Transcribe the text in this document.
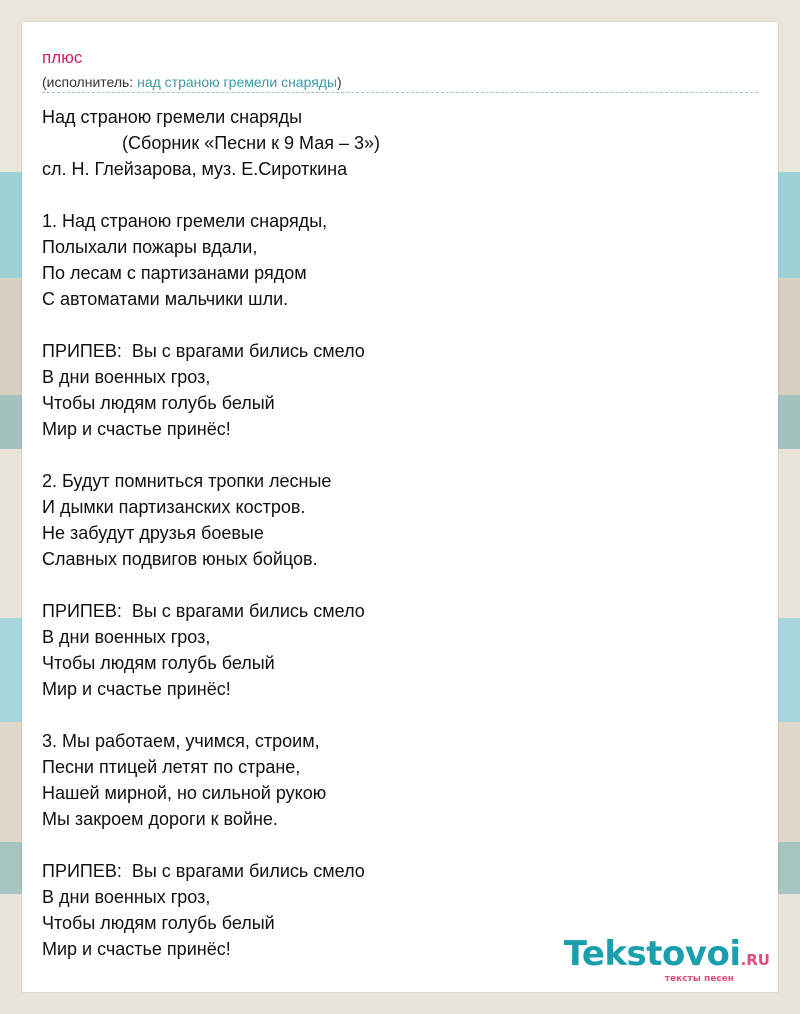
плюс
(исполнитель: над страною гремели снаряды)
Над страною гремели снаряды
(Сборник «Песни к 9 Мая – 3»)
сл. Н. Глейзарова, муз. Е.Сироткина
1. Над страною гремели снаряды,
Полыхали пожары вдали,
По лесам с партизанами рядом
С автоматами мальчики шли.
ПРИПЕВ:  Вы с врагами бились смело
В дни военных гроз,
Чтобы людям голубь белый
Мир и счастье принёс!
2. Будут помниться тропки лесные
И дымки партизанских костров.
Не забудут друзья боевые
Славных подвигов юных бойцов.
ПРИПЕВ:  Вы с врагами бились смело
В дни военных гроз,
Чтобы людям голубь белый
Мир и счастье принёс!
3. Мы работаем, учимся, строим,
Песни птицей летят по стране,
Нашей мирной, но сильной рукою
Мы закроем дороги к войне.
ПРИПЕВ:  Вы с врагами бились смело
В дни военных гроз,
Чтобы людям голубь белый
Мир и счастье принёс!	Tekstovoi.RU
тексты песен
